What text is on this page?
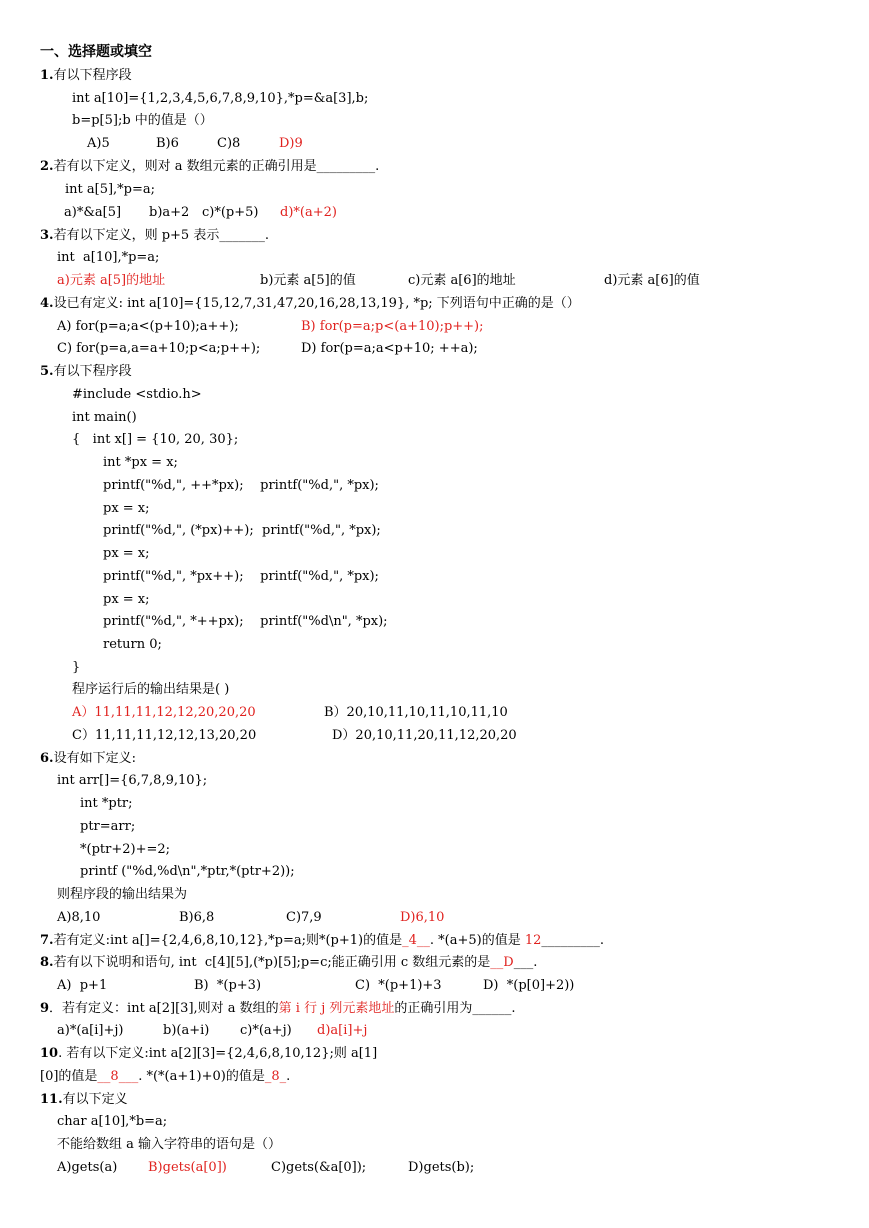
一、选择题或填空
1.有以下程序段
int a[10]={1,2,3,4,5,6,7,8,9,10},*p=&a[3],b;
b=p[5];b 中的值是（）
A)5	B)6	C)8	D)9
2.若有以下定义，则对 a 数组元素的正确引用是_________.
int a[5],*p=a;
a)*&a[5] b)a+2 c)*(p+5) d)*(a+2)
3.若有以下定义，则 p+5 表示_______.
int  a[10],*p=a;
a)元素 a[5]的地址	b)元素 a[5]的值	c)元素 a[6]的地址	d)元素 a[6]的值
4.设已有定义: int a[10]={15,12,7,31,47,20,16,28,13,19}, *p; 下列语句中正确的是（）
A) for(p=a;a<(p+10);a++);	B) for(p=a;p<(a+10);p++);
C) for(p=a,a=a+10;p<a;p++);	D) for(p=a;a<p+10; ++a);
5.有以下程序段
#include <stdio.h>
int main()
{   int x[] = {10, 20, 30};
int *px = x;
printf("%d,", ++*px);    printf("%d,", *px);
px = x;
printf("%d,", (*px)++);  printf("%d,", *px);
px = x;
printf("%d,", *px++);    printf("%d,", *px);
px = x;
printf("%d,", *++px);    printf("%d\n", *px);
return 0;
}
程序运行后的输出结果是( )
A）11,11,11,12,12,20,20,20	B）20,10,11,10,11,10,11,10
C）11,11,11,12,12,13,20,20	D）20,10,11,20,11,12,20,20
6.设有如下定义:
int arr[]={6,7,8,9,10};
int *ptr;
ptr=arr;
*(ptr+2)+=2;
printf ("%d,%d\n",*ptr,*(ptr+2));
则程序段的输出结果为
A)8,10	B)6,8	C)7,9	D)6,10
7.若有定义:int a[]={2,4,6,8,10,12},*p=a;则*(p+1)的值是_4__. *(a+5)的值是 12_________.
8.若有以下说明和语句, int  c[4][5],(*p)[5];p=c;能正确引用 c 数组元素的是__D___.
A)  p+1	B)  *(p+3)	C)  *(p+1)+3	D)  *(p[0]+2))
9．若有定义：int a[2][3],则对 a 数组的第 i 行 j 列元素地址的正确引用为______.
a)*(a[i]+j)	b)(a+i) c)*(a+j) d)a[i]+j
10. 若有以下定义:int a[2][3]={2,4,6,8,10,12};则 a[1]
[0]的值是__8___. *(*(a+1)+0)的值是_8_.
11.有以下定义
char a[10],*b=a;
不能给数组 a 输入字符串的语句是（）
A)gets(a) B)gets(a[0])	C)gets(&a[0]);	D)gets(b);
